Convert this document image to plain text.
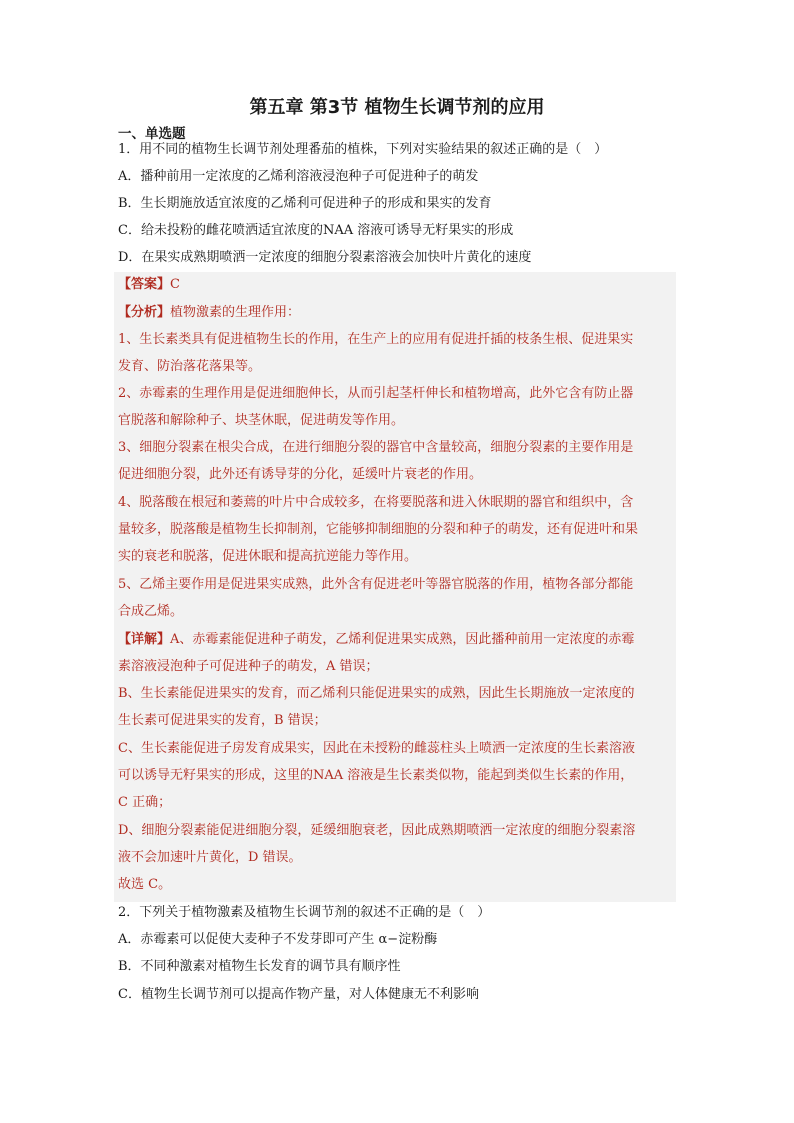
第五章 第3节 植物生长调节剂的应用
一、单选题
1．用不同的植物生长调节剂处理番茄的植株，下列对实验结果的叙述正确的是（　）
A．播种前用一定浓度的乙烯利溶液浸泡种子可促进种子的萌发
B．生长期施放适宜浓度的乙烯利可促进种子的形成和果实的发育
C．给未投粉的雌花喷洒适宜浓度的NAA 溶液可诱导无籽果实的形成
D．在果实成熟期喷洒一定浓度的细胞分裂素溶液会加快叶片黄化的速度
【答案】C
【分析】植物激素的生理作用：
1、生长素类具有促进植物生长的作用，在生产上的应用有促进扦插的枝条生根、促进果实
发育、防治落花落果等。
2、赤霉素的生理作用是促进细胞伸长，从而引起茎杆伸长和植物增高，此外它含有防止器
官脱落和解除种子、块茎休眠，促进萌发等作用。
3、细胞分裂素在根尖合成，在进行细胞分裂的器官中含量较高，细胞分裂素的主要作用是
促进细胞分裂，此外还有诱导芽的分化，延缓叶片衰老的作用。
4、脱落酸在根冠和萎蔫的叶片中合成较多，在将要脱落和进入休眠期的器官和组织中，含
量较多，脱落酸是植物生长抑制剂，它能够抑制细胞的分裂和种子的萌发，还有促进叶和果
实的衰老和脱落，促进休眠和提高抗逆能力等作用。
5、乙烯主要作用是促进果实成熟，此外含有促进老叶等器官脱落的作用，植物各部分都能
合成乙烯。
【详解】A、赤霉素能促进种子萌发，乙烯利促进果实成熟，因此播种前用一定浓度的赤霉
素溶液浸泡种子可促进种子的萌发，A 错误；
B、生长素能促进果实的发育，而乙烯利只能促进果实的成熟，因此生长期施放一定浓度的
生长素可促进果实的发育，B 错误；
C、生长素能促进子房发育成果实，因此在未授粉的雌蕊柱头上喷洒一定浓度的生长素溶液
可以诱导无籽果实的形成，这里的NAA 溶液是生长素类似物，能起到类似生长素的作用，
C 正确；
D、细胞分裂素能促进细胞分裂，延缓细胞衰老，因此成熟期喷洒一定浓度的细胞分裂素溶
液不会加速叶片黄化，D 错误。
故选 C。
2．下列关于植物激素及植物生长调节剂的叙述不正确的是（　）
A．赤霉素可以促使大麦种子不发芽即可产生 α−淀粉酶
B．不同种激素对植物生长发育的调节具有顺序性
C．植物生长调节剂可以提高作物产量，对人体健康无不利影响
